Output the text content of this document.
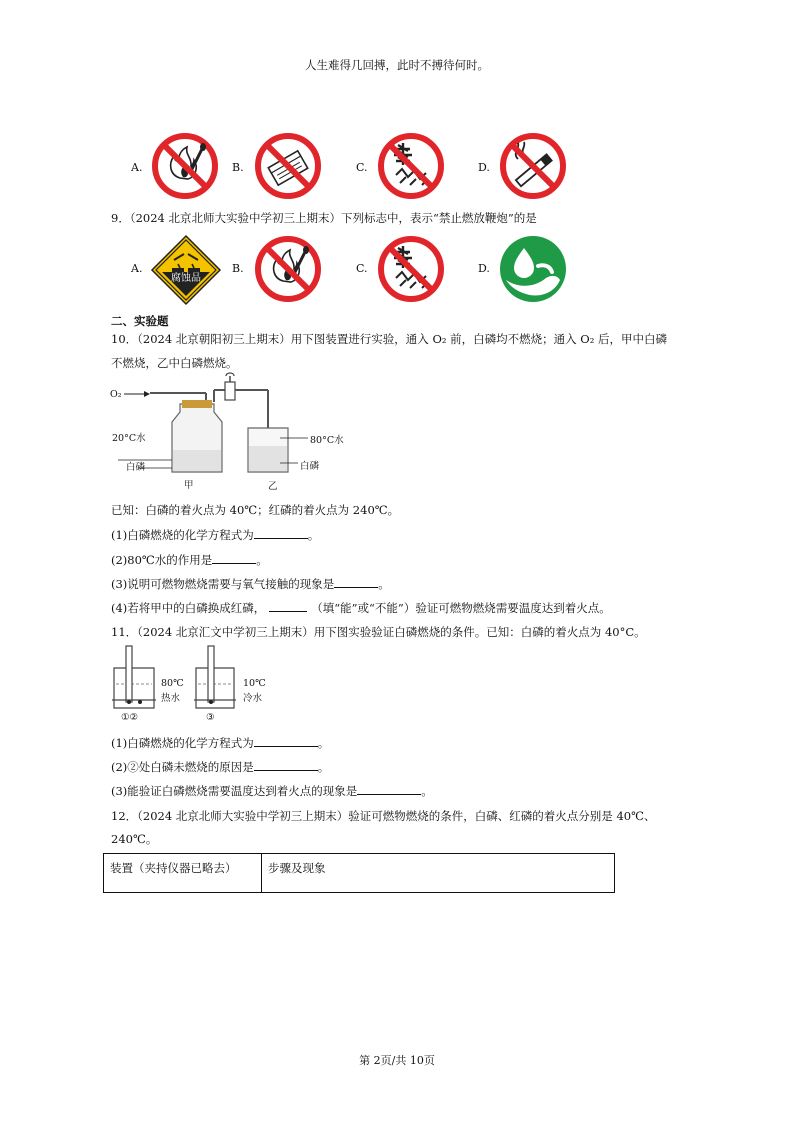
人生难得几回搏，此时不搏待何时。
A.	B.	C.	D.
9．（2024 北京北师大实验中学初三上期末）下列标志中，表示“禁止燃放鞭炮”的是
A.
腐蚀品
B.	C.	D.
二、实验题
10．（2024 北京朝阳初三上期末）用下图装置进行实验，通入 O₂ 前，白磷均不燃烧；通入 O₂ 后，甲中白磷
不燃烧，乙中白磷燃烧。
O₂
20°C水
白磷
甲
80°C水
白磷
乙
已知：白磷的着火点为 40℃；红磷的着火点为 240℃。
(1)白磷燃烧的化学方程式为	。
(2)80℃水的作用是	。
(3)说明可燃物燃烧需要与氧气接触的现象是	。
(4)若将甲中的白磷换成红磷，	（填“能”或“不能”）验证可燃物燃烧需要温度达到着火点。
11．（2024 北京汇文中学初三上期末）用下图实验验证白磷燃烧的条件。已知：白磷的着火点为 40°C。
80℃
热水
①②
10℃
冷水
③
(1)白磷燃烧的化学方程式为	。
(2)②处白磷未燃烧的原因是	。
(3)能验证白磷燃烧需要温度达到着火点的现象是	。
12．（2024 北京北师大实验中学初三上期末）验证可燃物燃烧的条件，白磷、红磷的着火点分别是 40℃、
240℃。
装置（夹持仪器已略去）	步骤及现象
第 2页/共 10页
